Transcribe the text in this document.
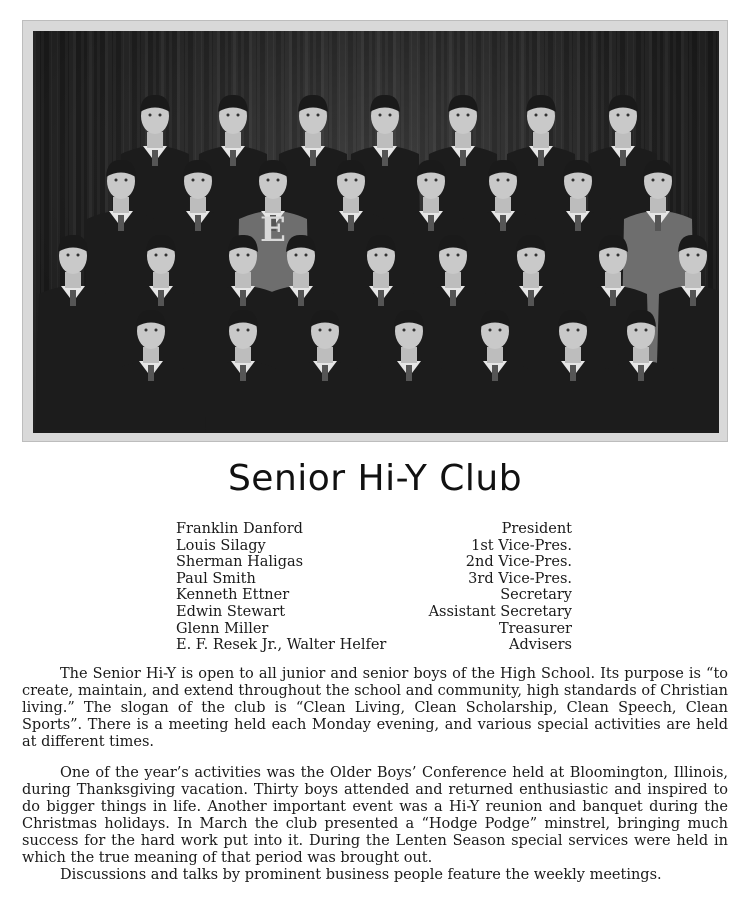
E
Senior Hi-Y Club
Franklin Danford	President
Louis Silagy	1st Vice-Pres.
Sherman Haligas	2nd Vice-Pres.
Paul Smith	3rd Vice-Pres.
Kenneth Ettner	Secretary
Edwin Stewart	Assistant Secretary
Glenn Miller	Treasurer
E. F. Resek Jr., Walter Helfer	Advisers

The Senior Hi-Y is open to all junior and senior boys of the High School. Its purpose is “to create, maintain, and extend throughout the school and community, high standards of Christian living.” The slogan of the club is “Clean Living, Clean Scholarship, Clean Speech, Clean Sports”. There is a meeting held each Monday evening, and various special activities are held at different times.

One of the year’s activities was the Older Boys’ Conference held at Bloomington, Illinois, during Thanksgiving vacation. Thirty boys attended and returned enthusiastic and inspired to do bigger things in life. Another important event was a Hi-Y reunion and banquet during the Christmas holidays. In March the club presented a “Hodge Podge” minstrel, bringing much success for the hard work put into it. During the Lenten Season special services were held in which the true meaning of that period was brought out.

Discussions and talks by prominent business people feature the weekly meetings.
